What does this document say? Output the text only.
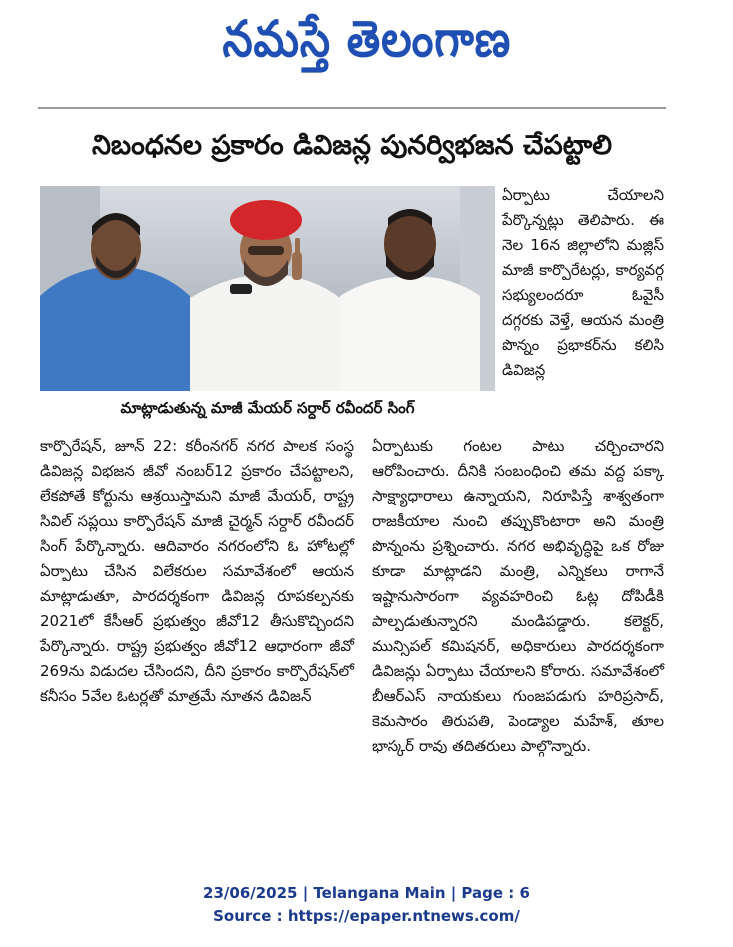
నమస్తే తెలంగాణ
నిబంధనల ప్రకారం డివిజన్ల పునర్విభజన చేపట్టాలి
మాట్లాడుతున్న మాజీ మేయర్ సర్దార్ రవీందర్ సింగ్

ఏర్పాటు చేయాలని పేర్కొన్నట్లు తెలిపారు. ఈ నెల 16న జిల్లాలోని మజ్లిస్ మాజీ కార్పొరేటర్లు, కార్యవర్గ సభ్యులందరూ ఓవైసీ దగ్గరకు వెళ్తే, ఆయన మంత్రి పొన్నం ప్రభాకర్‌ను కలిసి డివిజన్ల

కార్పొరేషన్, జూన్ 22: కరీంనగర్ నగర పాలక సంస్థ డివిజన్ల విభజన జీవో నంబర్12 ప్రకారం చేపట్టాలని, లేకపోతే కోర్టును ఆశ్రయిస్తామని మాజీ మేయర్, రాష్ట్ర సివిల్ సప్లయి కార్పొరేషన్ మాజీ చైర్మన్ సర్దార్ రవీందర్ సింగ్ పేర్కొన్నారు. ఆదివారం నగరంలోని ఓ హోటల్లో ఏర్పాటు చేసిన విలేకరుల సమావేశంలో ఆయన మాట్లాడుతూ, పారదర్శకంగా డివిజన్ల రూపకల్పనకు 2021లో కేసీఆర్ ప్రభుత్వం జీవో12 తీసుకొచ్చిందని పేర్కొన్నారు. రాష్ట్ర ప్రభుత్వం జీవో12 ఆధారంగా జీవో 269ను విడుదల చేసిందని, దీని ప్రకారం కార్పొరేషన్‌లో కనీసం 5వేల ఓటర్లతో మాత్రమే నూతన డివిజన్

ఏర్పాటుకు గంటల పాటు చర్చించారని ఆరోపించారు. దీనికి సంబంధించి తమ వద్ద పక్కా సాక్ష్యాధారాలు ఉన్నాయని, నిరూపిస్తే శాశ్వతంగా రాజకీయాల నుంచి తప్పుకొంటారా అని మంత్రి పొన్నంను ప్రశ్నించారు. నగర అభివృద్ధిపై ఒక రోజు కూడా మాట్లాడని మంత్రి, ఎన్నికలు రాగానే ఇష్టానుసారంగా వ్యవహరించి ఓట్ల దోపిడీకి పాల్పడుతున్నారని మండిపడ్డారు. కలెక్టర్, మున్సిపల్ కమిషనర్, అధికారులు పారదర్శకంగా డివిజన్లు ఏర్పాటు చేయాలని కోరారు. సమావేశంలో బీఆర్ఎస్ నాయకులు గుంజపడుగు హరిప్రసాద్, కెమసారం తిరుపతి, పెండ్యాల మహేశ్, తూల భాస్కర్ రావు తదితరులు పాల్గొన్నారు.

23/06/2025 | Telangana Main | Page : 6
Source : https://epaper.ntnews.com/
